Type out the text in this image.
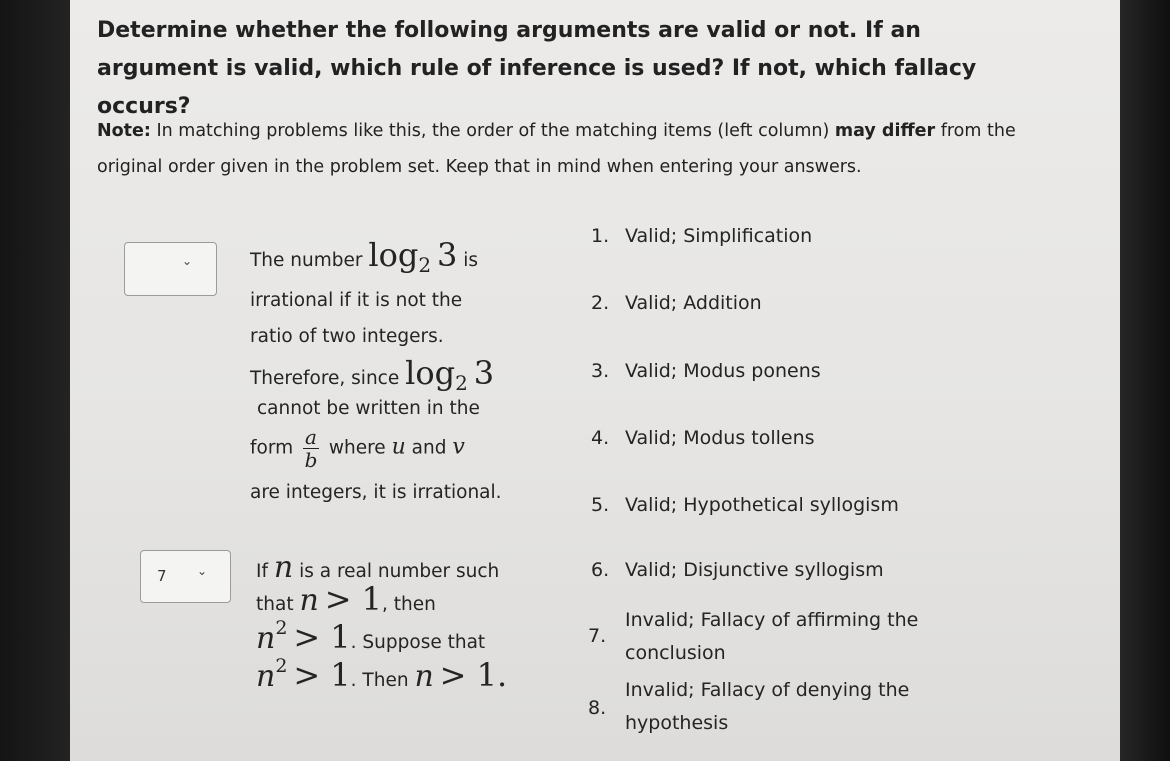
Determine whether the following arguments are valid or not. If an argument is valid, which rule of inference is used? If not, which fallacy occurs?
Note: In matching problems like this, the order of the matching items (left column) may differ from the original order given in the problem set. Keep that in mind when entering your answers.
⌄	The number log2 3 is
irrational if it is not the
ratio of two integers.
Therefore, since log2 3
cannot be written in the
form $\frac{a}{b}$ where u and v
are integers, it is irrational.
7	⌄	If n is a real number such
that n > 1, then
n2 > 1. Suppose that
n2 > 1. Then n > 1.
1. Valid; Simplification
2. Valid; Addition
3. Valid; Modus ponens
4. Valid; Modus tollens
5. Valid; Hypothetical syllogism
6. Valid; Disjunctive syllogism
7.
Invalid; Fallacy of affirming the
conclusion
8.
Invalid; Fallacy of denying the
hypothesis
